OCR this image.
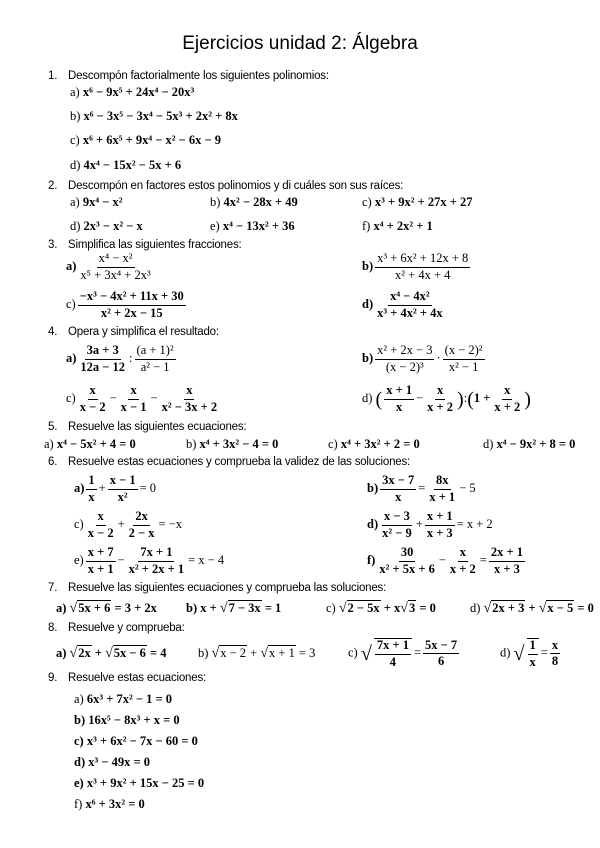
Ejercicios unidad 2: Álgebra
1. Descompón factorialmente los siguientes polinomios:
a) x⁶ − 9x⁵ + 24x⁴ − 20x³
b) x⁶ − 3x⁵ − 3x⁴ − 5x³ + 2x² + 8x
c) x⁶ + 6x⁵ + 9x⁴ − x² − 6x − 9
d) 4x⁴ − 15x² − 5x + 6
2. Descompón en factores estos polinomios y di cuáles son sus raíces:
a) 9x⁴ − x²	b) 4x² − 28x + 49	c) x³ + 9x² + 27x + 27
d) 2x³ − x² − x	e) x⁴ − 13x² + 36	f) x⁴ + 2x² + 1
3. Simplifica las siguientes fracciones:
$a) \frac{\text{x⁴ − x²}}{\text{x⁵ + 3x⁴ + 2x³}}$	$b) \frac{\text{x³ + 6x² + 12x + 8}}{\text{x² + 4x + 4}}$
$c) \frac{\text{−x³ − 4x² + 11x + 30}}{\text{x² + 2x − 15}}$	$d) \frac{\text{x⁴ − 4x²}}{\text{x³ + 4x² + 4x}}$
4. Opera y simplifica el resultado:
$a) \frac{3a + 3}{12a - 12}$ : $\frac{\text{(a + 1)²}}{\text{a² − 1}}$	$b) \frac{\text{x² + 2x − 3}}{\text{(x − 2)³}} \cdot \frac{\text{(x − 2)²}}{\text{x² − 1}}$
$c) \frac{x}{x - 2} - \frac{x}{x - 1} - \frac{x}{\text{x² − 3x + 2}}$	d) ( $\frac{x + 1}{x} - \frac{x}{x + 2}$ ):(1 + $\frac{x}{x + 2}$ )
5. Resuelve las siguientes ecuaciones:
a) x⁴ − 5x² + 4 = 0	b) x⁴ + 3x² − 4 = 0	c) x⁴ + 3x² + 2 = 0	d) x⁴ − 9x² + 8 = 0
6. Resuelve estas ecuaciones y comprueba la validez de las soluciones:
$a) \frac{1}{x} + \frac{x - 1}{\text{x²}} = 0$	$b) \frac{3x - 7}{x} = \frac{8x}{x + 1} - 5$
$c) \frac{x}{x - 2} + \frac{2x}{2 - x} = -x$	$d) \frac{x - 3}{\text{x² − 9}} + \frac{x + 1}{x + 3} = x + 2$
$e) \frac{x + 7}{x + 1} - \frac{7x + 1}{\text{x² + 2x + 1}} = x - 4$	$f) \frac{30}{\text{x² + 5x + 6}} - \frac{x}{x + 2} = \frac{2x + 1}{x + 3}$
7. Resuelve las siguientes ecuaciones y comprueba las soluciones:
a) √5x + 6 = 3 + 2x b) x + √7 − 3x = 1	c) √2 − 5x + x√3 = 0	d) √2x + 3 + √x − 5 = 0
8. Resuelve y comprueba:
a) √2x + √5x − 6 = 4	b) √x − 2 + √x + 1 = 3	c) √ $\frac{7x + 1}{4} = \frac{5x - 7}{6}$	d) √ $\frac{1}{x} = \frac{x}{8}$
9. Resuelve estas ecuaciones:
a) 6x³ + 7x² − 1 = 0
b) 16x⁵ − 8x³ + x = 0
c) x³ + 6x² − 7x − 60 = 0
d) x³ − 49x = 0
e) x³ + 9x² + 15x − 25 = 0
f) x⁶ + 3x² = 0
